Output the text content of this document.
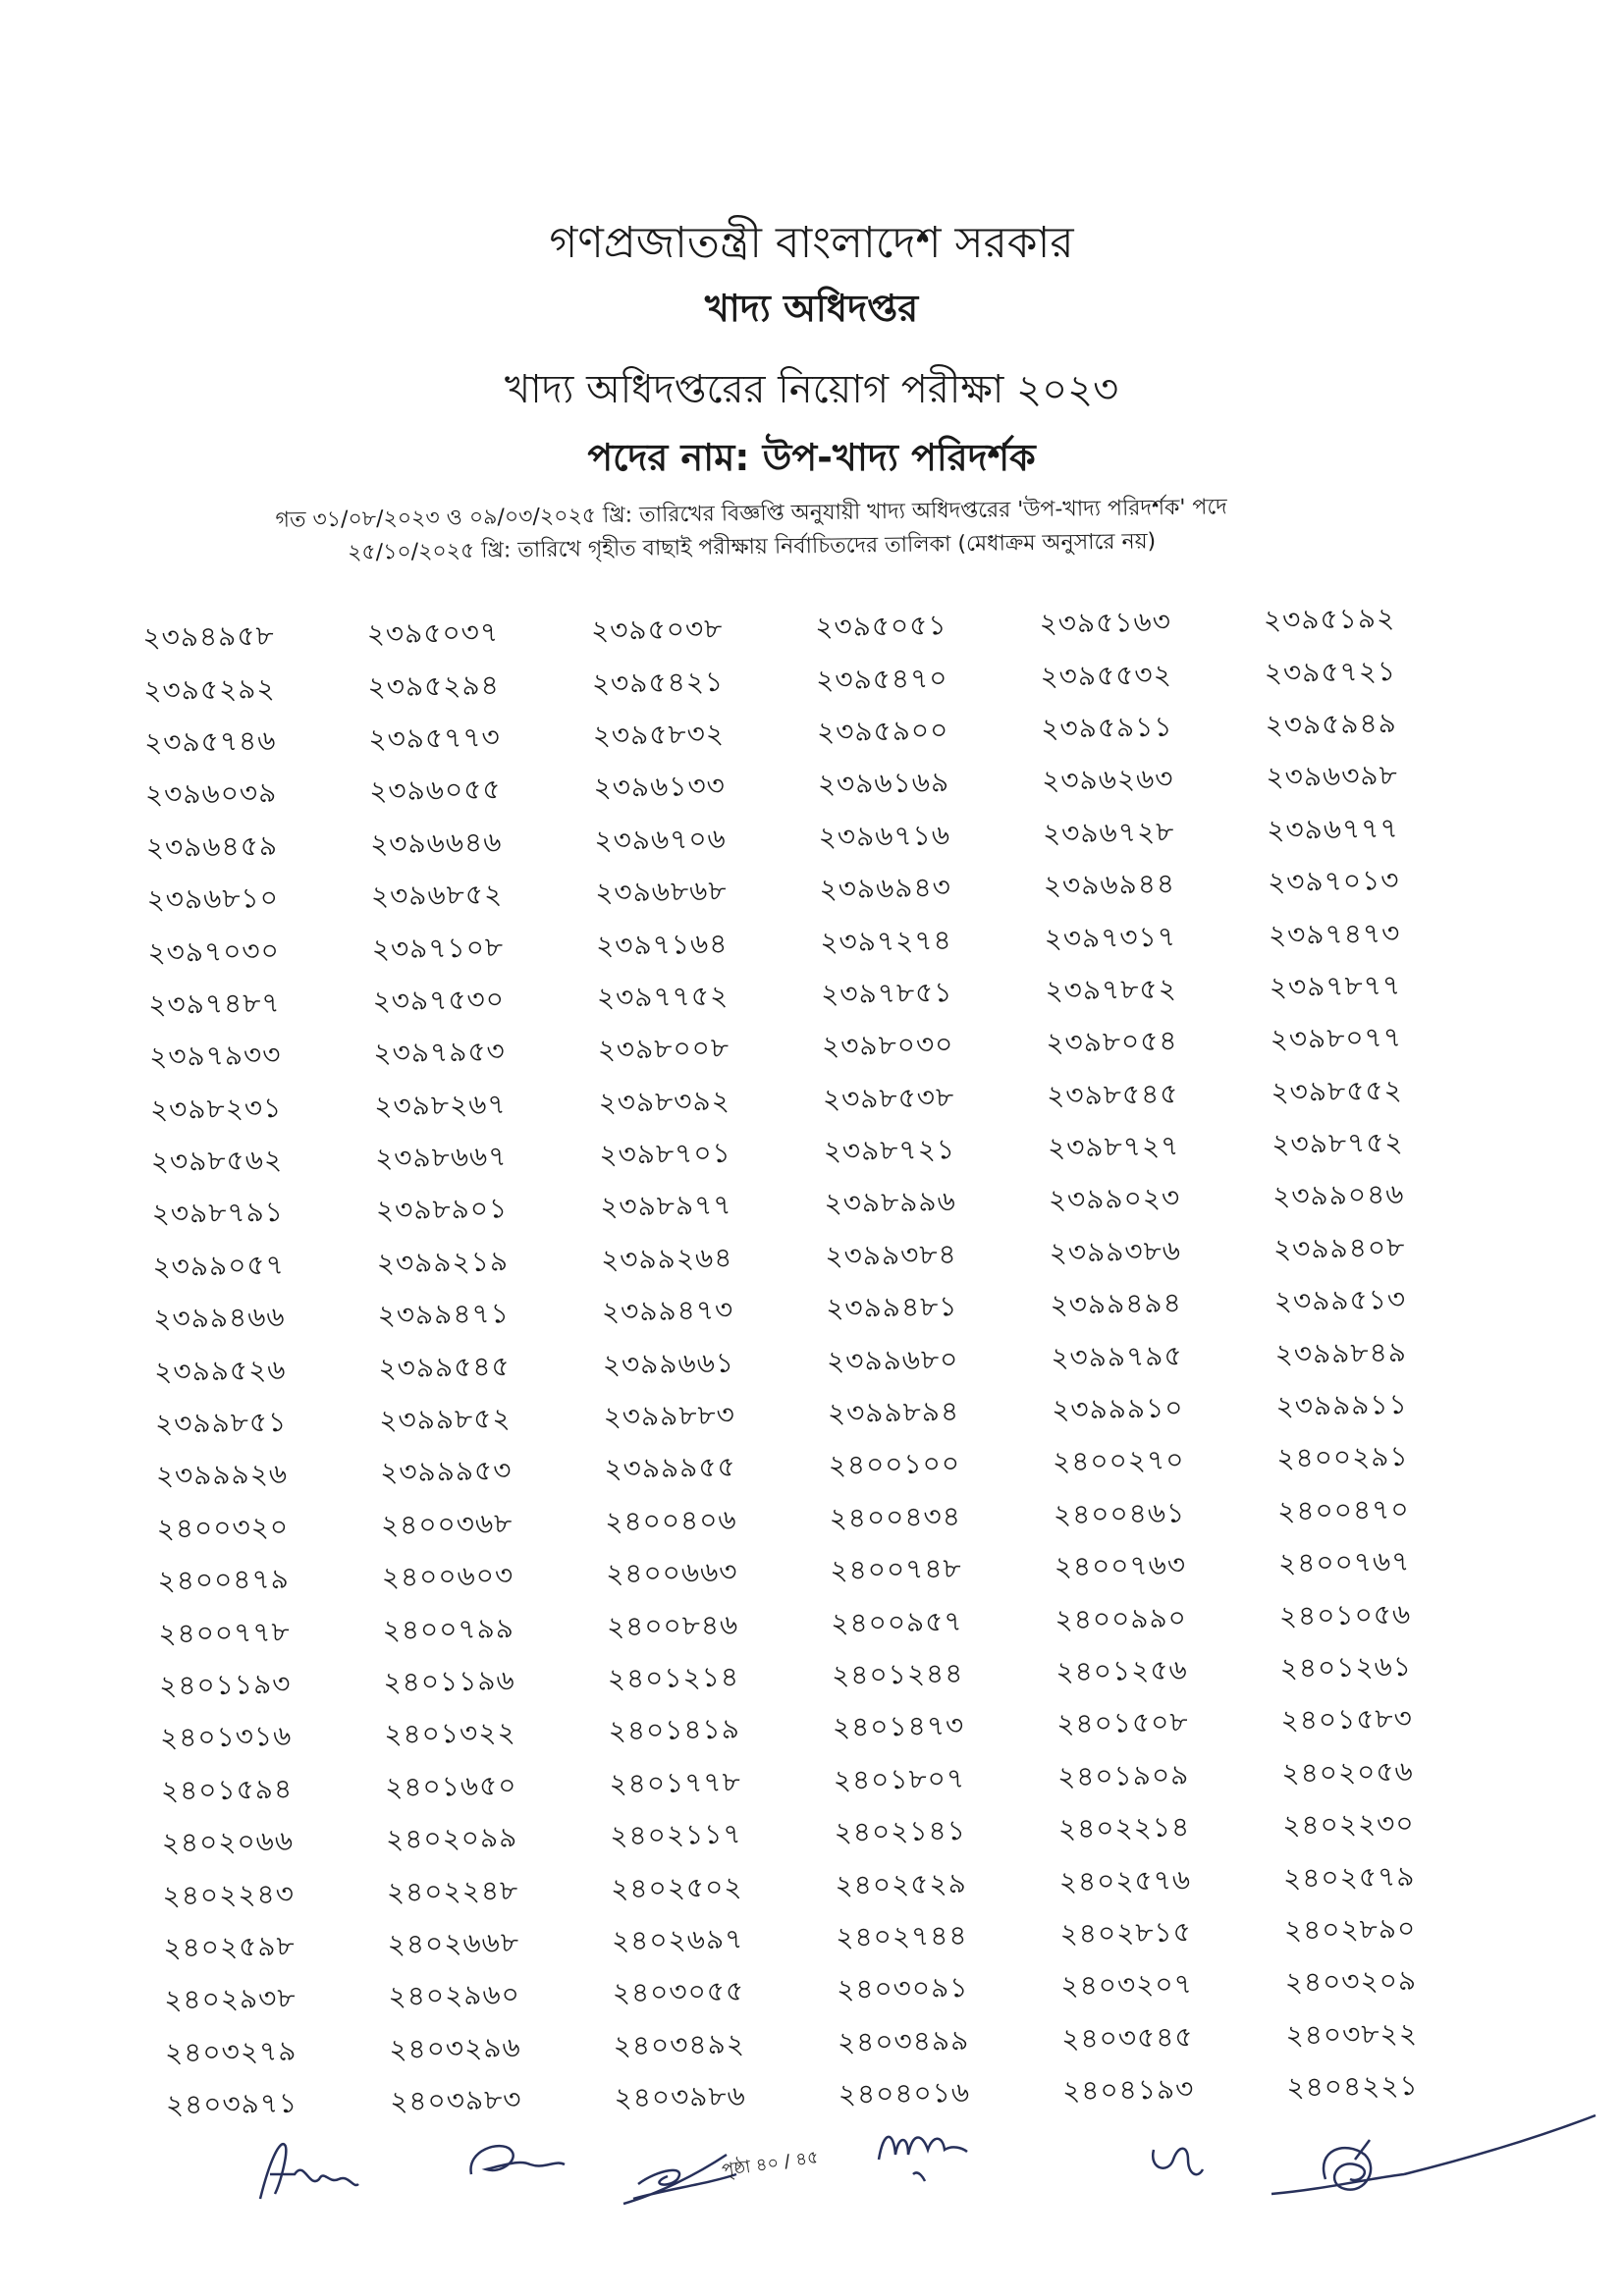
গণপ্রজাতন্ত্রী বাংলাদেশ সরকার
খাদ্য অধিদপ্তর
খাদ্য অধিদপ্তরের নিয়োগ পরীক্ষা ২০২৩
পদের নাম: উপ-খাদ্য পরিদর্শক
গত ৩১/০৮/২০২৩ ও ০৯/০৩/২০২৫ খ্রি: তারিখের বিজ্ঞপ্তি অনুযায়ী খাদ্য অধিদপ্তরের 'উপ-খাদ্য পরিদর্শক' পদে
২৫/১০/২০২৫ খ্রি: তারিখে গৃহীত বাছাই পরীক্ষায় নির্বাচিতদের তালিকা (মেধাক্রম অনুসারে নয়)
২৩৯৪৯৫৮	২৩৯৫০৩৭	২৩৯৫০৩৮	২৩৯৫০৫১	২৩৯৫১৬৩	২৩৯৫১৯২
২৩৯৫২৯২	২৩৯৫২৯৪	২৩৯৫৪২১	২৩৯৫৪৭০	২৩৯৫৫৩২	২৩৯৫৭২১
২৩৯৫৭৪৬	২৩৯৫৭৭৩	২৩৯৫৮৩২	২৩৯৫৯০০	২৩৯৫৯১১	২৩৯৫৯৪৯
২৩৯৬০৩৯	২৩৯৬০৫৫	২৩৯৬১৩৩	২৩৯৬১৬৯	২৩৯৬২৬৩	২৩৯৬৩৯৮
২৩৯৬৪৫৯	২৩৯৬৬৪৬	২৩৯৬৭০৬	২৩৯৬৭১৬	২৩৯৬৭২৮	২৩৯৬৭৭৭
২৩৯৬৮১০	২৩৯৬৮৫২	২৩৯৬৮৬৮	২৩৯৬৯৪৩	২৩৯৬৯৪৪	২৩৯৭০১৩
২৩৯৭০৩০	২৩৯৭১০৮	২৩৯৭১৬৪	২৩৯৭২৭৪	২৩৯৭৩১৭	২৩৯৭৪৭৩
২৩৯৭৪৮৭	২৩৯৭৫৩০	২৩৯৭৭৫২	২৩৯৭৮৫১	২৩৯৭৮৫২	২৩৯৭৮৭৭
২৩৯৭৯৩৩	২৩৯৭৯৫৩	২৩৯৮০০৮	২৩৯৮০৩০	২৩৯৮০৫৪	২৩৯৮০৭৭
২৩৯৮২৩১	২৩৯৮২৬৭	২৩৯৮৩৯২	২৩৯৮৫৩৮	২৩৯৮৫৪৫	২৩৯৮৫৫২
২৩৯৮৫৬২	২৩৯৮৬৬৭	২৩৯৮৭০১	২৩৯৮৭২১	২৩৯৮৭২৭	২৩৯৮৭৫২
২৩৯৮৭৯১	২৩৯৮৯০১	২৩৯৮৯৭৭	২৩৯৮৯৯৬	২৩৯৯০২৩	২৩৯৯০৪৬
২৩৯৯০৫৭	২৩৯৯২১৯	২৩৯৯২৬৪	২৩৯৯৩৮৪	২৩৯৯৩৮৬	২৩৯৯৪০৮
২৩৯৯৪৬৬	২৩৯৯৪৭১	২৩৯৯৪৭৩	২৩৯৯৪৮১	২৩৯৯৪৯৪	২৩৯৯৫১৩
২৩৯৯৫২৬	২৩৯৯৫৪৫	২৩৯৯৬৬১	২৩৯৯৬৮০	২৩৯৯৭৯৫	২৩৯৯৮৪৯
২৩৯৯৮৫১	২৩৯৯৮৫২	২৩৯৯৮৮৩	২৩৯৯৮৯৪	২৩৯৯৯১০	২৩৯৯৯১১
২৩৯৯৯২৬	২৩৯৯৯৫৩	২৩৯৯৯৫৫	২৪০০১০০	২৪০০২৭০	২৪০০২৯১
২৪০০৩২০	২৪০০৩৬৮	২৪০০৪০৬	২৪০০৪৩৪	২৪০০৪৬১	২৪০০৪৭০
২৪০০৪৭৯	২৪০০৬০৩	২৪০০৬৬৩	২৪০০৭৪৮	২৪০০৭৬৩	২৪০০৭৬৭
২৪০০৭৭৮	২৪০০৭৯৯	২৪০০৮৪৬	২৪০০৯৫৭	২৪০০৯৯০	২৪০১০৫৬
২৪০১১৯৩	২৪০১১৯৬	২৪০১২১৪	২৪০১২৪৪	২৪০১২৫৬	২৪০১২৬১
২৪০১৩১৬	২৪০১৩২২	২৪০১৪১৯	২৪০১৪৭৩	২৪০১৫০৮	২৪০১৫৮৩
২৪০১৫৯৪	২৪০১৬৫০	২৪০১৭৭৮	২৪০১৮০৭	২৪০১৯০৯	২৪০২০৫৬
২৪০২০৬৬	২৪০২০৯৯	২৪০২১১৭	২৪০২১৪১	২৪০২২১৪	২৪০২২৩০
২৪০২২৪৩	২৪০২২৪৮	২৪০২৫০২	২৪০২৫২৯	২৪০২৫৭৬	২৪০২৫৭৯
২৪০২৫৯৮	২৪০২৬৬৮	২৪০২৬৯৭	২৪০২৭৪৪	২৪০২৮১৫	২৪০২৮৯০
২৪০২৯৩৮	২৪০২৯৬০	২৪০৩০৫৫	২৪০৩০৯১	২৪০৩২০৭	২৪০৩২০৯
২৪০৩২৭৯	২৪০৩২৯৬	২৪০৩৪৯২	২৪০৩৪৯৯	২৪০৩৫৪৫	২৪০৩৮২২
২৪০৩৯৭১	২৪০৩৯৮৩	২৪০৩৯৮৬	২৪০৪০১৬	২৪০৪১৯৩	২৪০৪২২১
পৃষ্ঠা ৪০ / ৪৫
